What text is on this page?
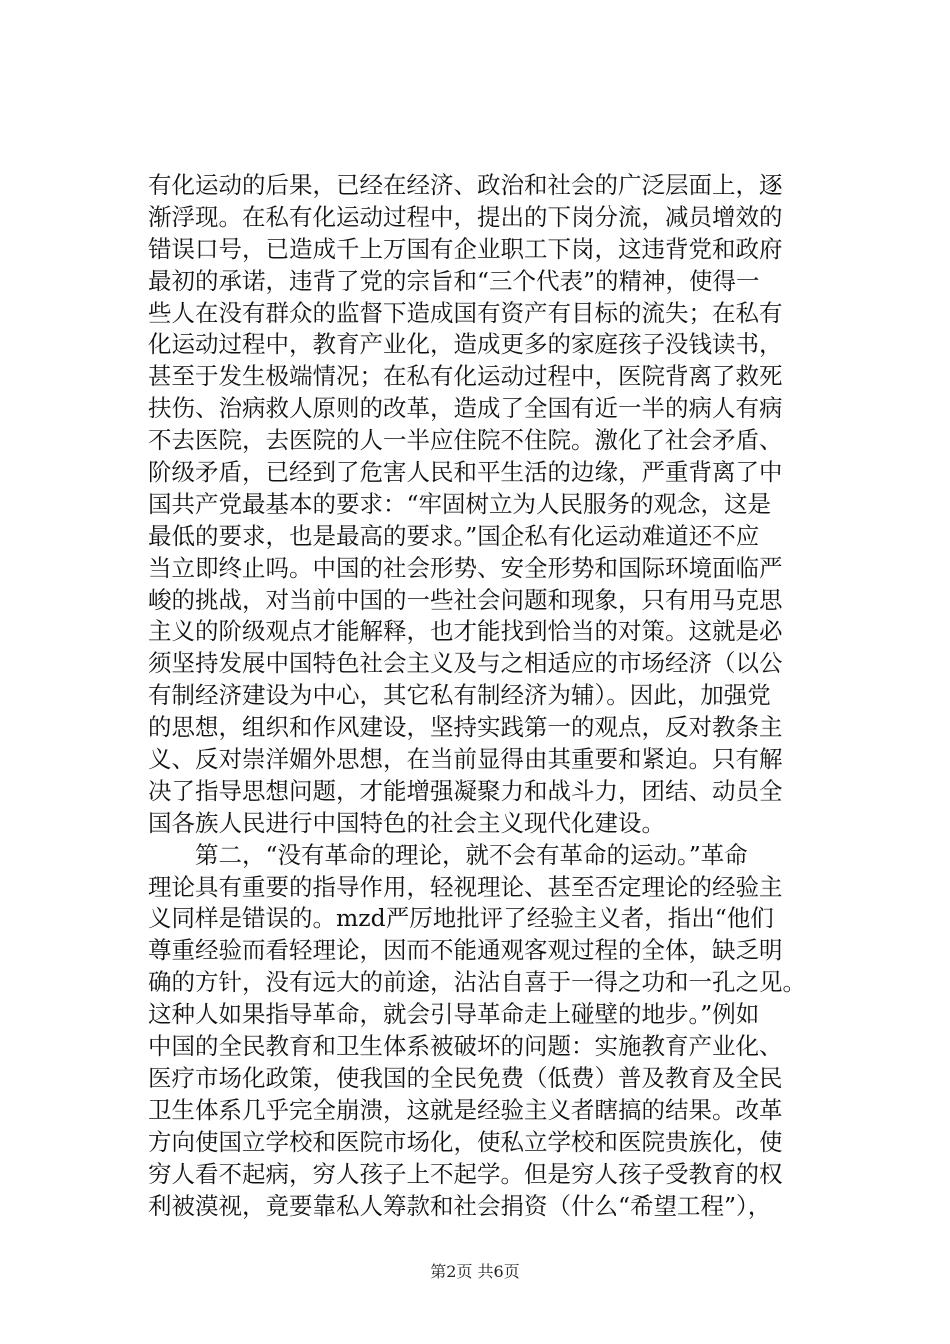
有化运动的后果，已经在经济、政治和社会的广泛层面上，逐
渐浮现。在私有化运动过程中，提出的下岗分流，减员增效的
错误口号，已造成千上万国有企业职工下岗，这违背党和政府
最初的承诺，违背了党的宗旨和“三个代表”的精神，使得一
些人在没有群众的监督下造成国有资产有目标的流失；在私有
化运动过程中，教育产业化，造成更多的家庭孩子没钱读书，
甚至于发生极端情况；在私有化运动过程中，医院背离了救死
扶伤、治病救人原则的改革，造成了全国有近一半的病人有病
不去医院，去医院的人一半应住院不住院。激化了社会矛盾、
阶级矛盾，已经到了危害人民和平生活的边缘，严重背离了中
国共产党最基本的要求：“牢固树立为人民服务的观念，这是
最低的要求，也是最高的要求。”国企私有化运动难道还不应
当立即终止吗。中国的社会形势、安全形势和国际环境面临严
峻的挑战，对当前中国的一些社会问题和现象，只有用马克思
主义的阶级观点才能解释，也才能找到恰当的对策。这就是必
须坚持发展中国特色社会主义及与之相适应的市场经济（以公
有制经济建设为中心，其它私有制经济为辅）。因此，加强党
的思想，组织和作风建设，坚持实践第一的观点，反对教条主
义、反对崇洋媚外思想，在当前显得由其重要和紧迫。只有解
决了指导思想问题，才能增强凝聚力和战斗力，团结、动员全
国各族人民进行中国特色的社会主义现代化建设。
　　第二，“没有革命的理论，就不会有革命的运动。”革命
理论具有重要的指导作用，轻视理论、甚至否定理论的经验主
义同样是错误的。mzd严厉地批评了经验主义者，指出“他们
尊重经验而看轻理论，因而不能通观客观过程的全体，缺乏明
确的方针，没有远大的前途，沾沾自喜于一得之功和一孔之见。
这种人如果指导革命，就会引导革命走上碰壁的地步。”例如
中国的全民教育和卫生体系被破坏的问题：实施教育产业化、
医疗市场化政策，使我国的全民免费（低费）普及教育及全民
卫生体系几乎完全崩溃，这就是经验主义者瞎搞的结果。改革
方向使国立学校和医院市场化，使私立学校和医院贵族化，使
穷人看不起病，穷人孩子上不起学。但是穷人孩子受教育的权
利被漠视，竟要靠私人筹款和社会捐资（什么“希望工程”），
第2页 共6页
